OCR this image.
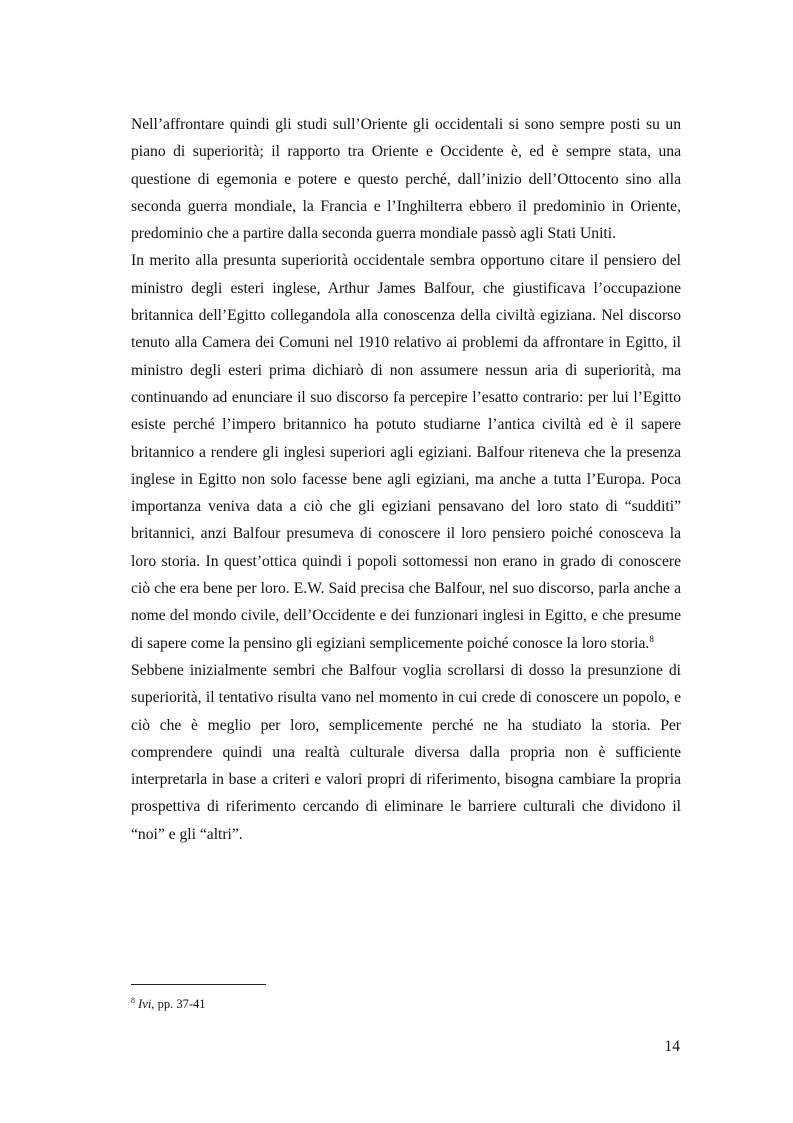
Nell’affrontare quindi gli studi sull’Oriente gli occidentali si sono sempre posti su un piano di superiorità; il rapporto tra Oriente e Occidente è, ed è sempre stata, una questione di egemonia e potere e questo perché, dall’inizio dell’Ottocento sino alla seconda guerra mondiale, la Francia e l’Inghilterra ebbero il predominio in Oriente, predominio che a partire dalla seconda guerra mondiale passò agli Stati Uniti.

In merito alla presunta superiorità occidentale sembra opportuno citare il pensiero del ministro degli esteri inglese, Arthur James Balfour, che giustificava l’occupazione britannica dell’Egitto collegandola alla conoscenza della civiltà egiziana. Nel discorso tenuto alla Camera dei Comuni nel 1910 relativo ai problemi da affrontare in Egitto, il ministro degli esteri prima dichiarò di non assumere nessun aria di superiorità, ma continuando ad enunciare il suo discorso fa percepire l’esatto contrario: per lui l’Egitto esiste perché l’impero britannico ha potuto studiarne l’antica civiltà ed è il sapere britannico a rendere gli inglesi superiori agli egiziani. Balfour riteneva che la presenza inglese in Egitto non solo facesse bene agli egiziani, ma anche a tutta l’Europa. Poca importanza veniva data a ciò che gli egiziani pensavano del loro stato di “sudditi” britannici, anzi Balfour presumeva di conoscere il loro pensiero poiché conosceva la loro storia. In quest’ottica quindi i popoli sottomessi non erano in grado di conoscere ciò che era bene per loro. E.W. Said precisa che Balfour, nel suo discorso, parla anche a nome del mondo civile, dell’Occidente e dei funzionari inglesi in Egitto, e che presume di sapere come la pensino gli egiziani semplicemente poiché conosce la loro storia.$^8$

Sebbene inizialmente sembri che Balfour voglia scrollarsi di dosso la presunzione di superiorità, il tentativo risulta vano nel momento in cui crede di conoscere un popolo, e ciò che è meglio per loro, semplicemente perché ne ha studiato la storia. Per comprendere quindi una realtà culturale diversa dalla propria non è sufficiente interpretarla in base a criteri e valori propri di riferimento, bisogna cambiare la propria prospettiva di riferimento cercando di eliminare le barriere culturali che dividono il “noi” e gli “altri”.

$^8$ Ivi, pp. 37-41
14
